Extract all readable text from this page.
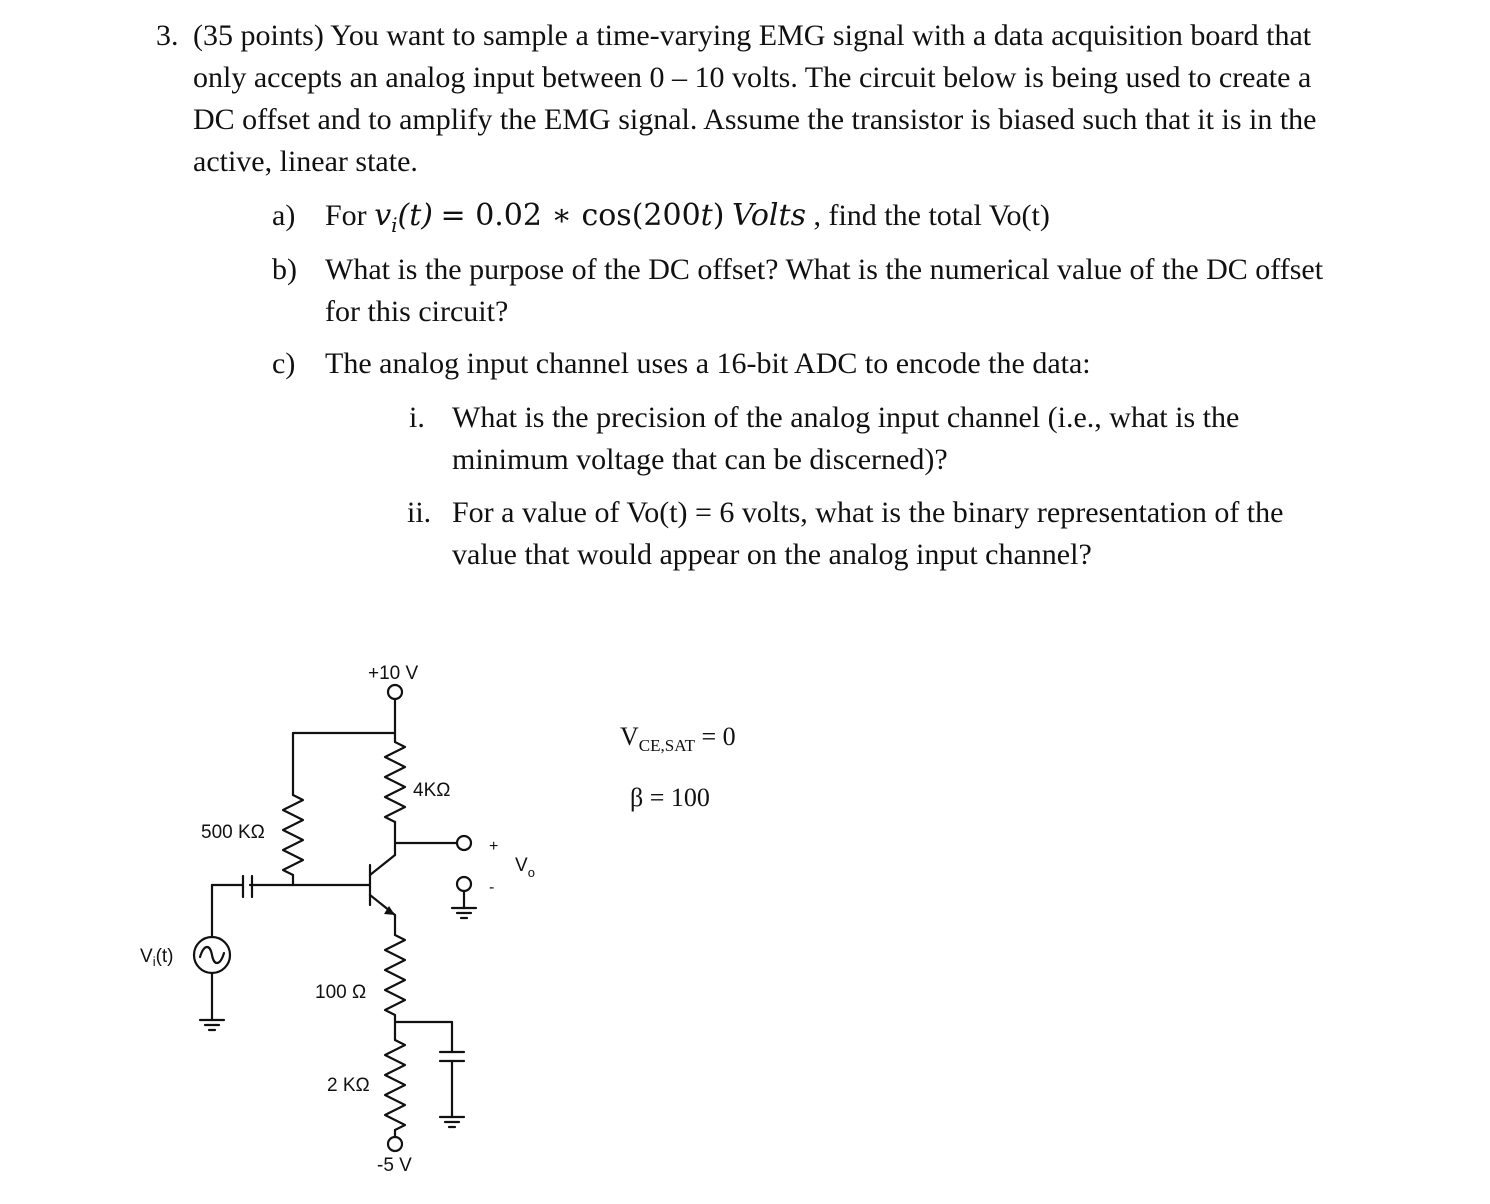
3. (35 points) You want to sample a time-varying EMG signal with a data acquisition board that
only accepts an analog input between 0 – 10 volts. The circuit below is being used to create a
DC offset and to amplify the EMG signal. Assume the transistor is biased such that it is in the
active, linear state.
a) For $v_i(t) = 0.02$ ∗ cos(200t) Volts , find the total Vo(t)
b) What is the purpose of the DC offset? What is the numerical value of the DC offset
for this circuit?
c) The analog input channel uses a 16-bit ADC to encode the data:
i. What is the precision of the analog input channel (i.e., what is the
minimum voltage that can be discerned)?
ii. For a value of Vo(t) = 6 volts, what is the binary representation of the
value that would appear on the analog input channel?
+10 V
4KΩ
500 KΩ
100 Ω
2 KΩ
-5 V
+
-
$V_o$
$V_i(t)$
$V_{CE,SAT} = 0$
β = 100
